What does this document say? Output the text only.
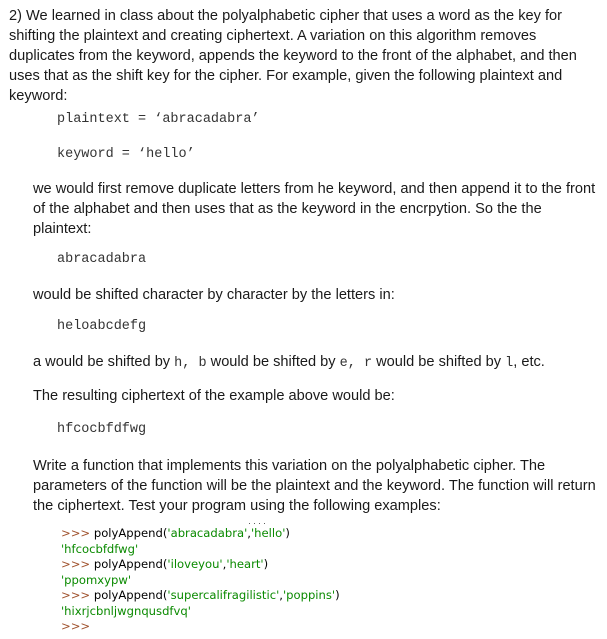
2) We learned in class about the polyalphabetic cipher that uses a word as the key for shifting the plaintext and creating ciphertext. A variation on this algorithm removes duplicates from the keyword, appends the keyword to the front of the alphabet, and then uses that as the shift key for the cipher. For example, given the following plaintext and keyword:

plaintext = ‘abracadabra’
keyword = ‘hello’

we would first remove duplicate letters from he keyword, and then append it to the front of the alphabet and then uses that as the keyword in the encrpytion. So the the plaintext:

abracadabra

would be shifted character by character by the letters in:

heloabcdefg

a would be shifted by h, b would be shifted by e, r would be shifted by l, etc.

The resulting ciphertext of the example above would be:

hfcocbfdfwg

Write a function that implements this variation on the polyalphabetic cipher. The parameters of the function will be the plaintext and the keyword. The function will return the ciphertext. Test your program using the following examples:

····
>>> polyAppend('abracadabra','hello')
'hfcocbfdfwg'
>>> polyAppend('iloveyou','heart')
'ppomxypw'
>>> polyAppend('supercalifragilistic','poppins')
'hixrjcbnljwgnqusdfvq'
>>>
